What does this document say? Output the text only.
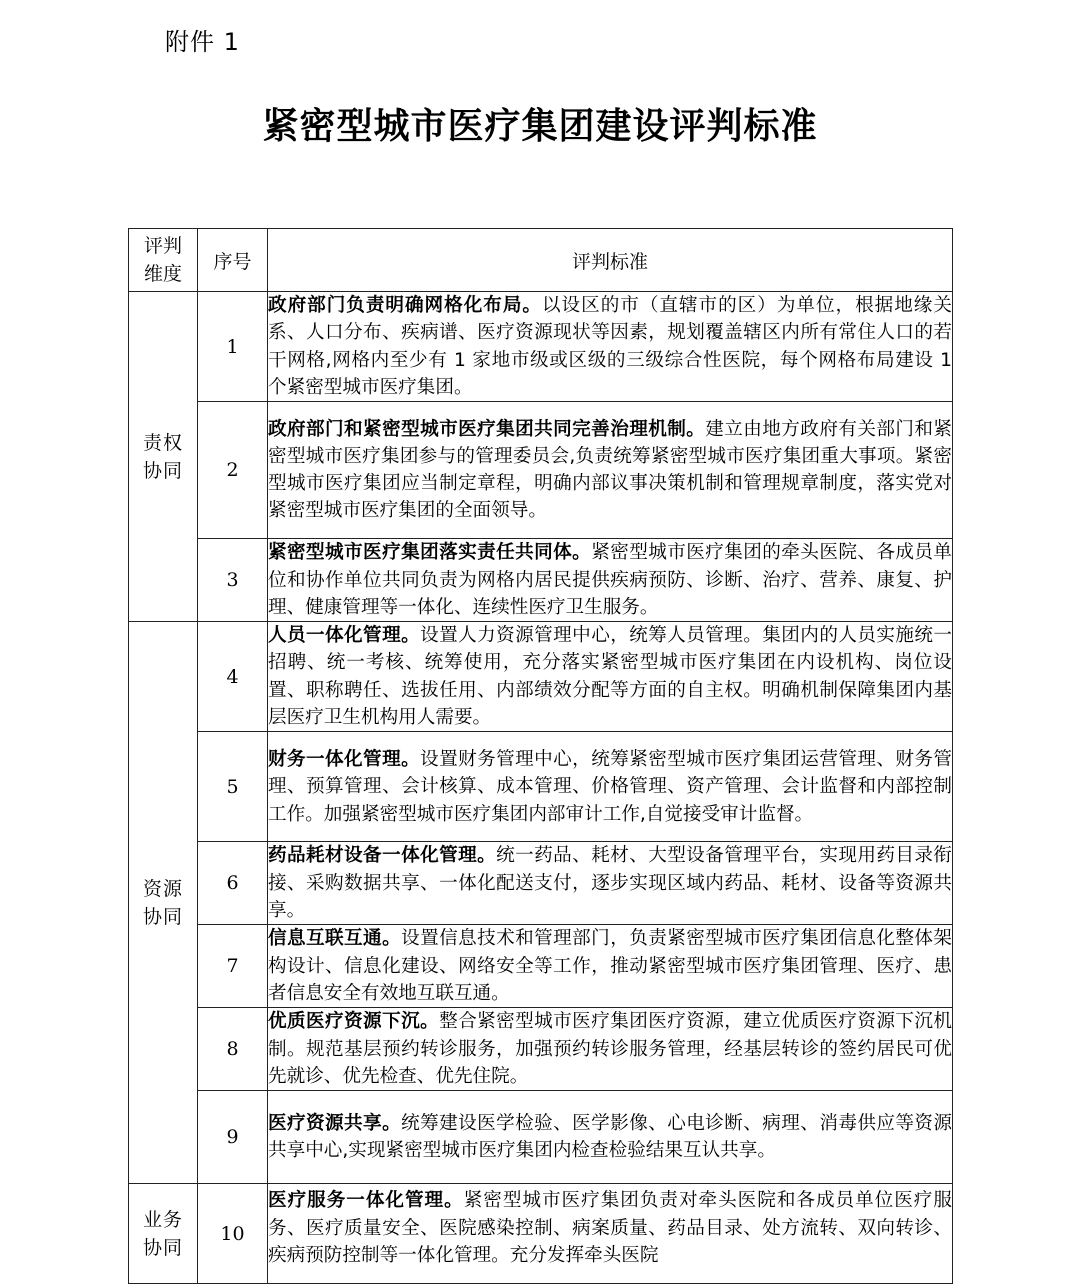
附件 1
紧密型城市医疗集团建设评判标准
评判
维度	序号	评判标准
责权
协同	1	政府部门负责明确网格化布局。以设区的市（直辖市的区）为单位，根据地缘关系、人口分布、疾病谱、医疗资源现状等因素，规划覆盖辖区内所有常住人口的若干网格,网格内至少有 1 家地市级或区级的三级综合性医院，每个网格布局建设 1 个紧密型城市医疗集团。
	2	政府部门和紧密型城市医疗集团共同完善治理机制。建立由地方政府有关部门和紧密型城市医疗集团参与的管理委员会,负责统筹紧密型城市医疗集团重大事项。紧密型城市医疗集团应当制定章程，明确内部议事决策机制和管理规章制度，落实党对紧密型城市医疗集团的全面领导。
	3	紧密型城市医疗集团落实责任共同体。紧密型城市医疗集团的牵头医院、各成员单位和协作单位共同负责为网格内居民提供疾病预防、诊断、治疗、营养、康复、护理、健康管理等一体化、连续性医疗卫生服务。
资源
协同	4	人员一体化管理。设置人力资源管理中心，统筹人员管理。集团内的人员实施统一招聘、统一考核、统筹使用，充分落实紧密型城市医疗集团在内设机构、岗位设置、职称聘任、选拔任用、内部绩效分配等方面的自主权。明确机制保障集团内基层医疗卫生机构用人需要。
	5	财务一体化管理。设置财务管理中心，统筹紧密型城市医疗集团运营管理、财务管理、预算管理、会计核算、成本管理、价格管理、资产管理、会计监督和内部控制工作。加强紧密型城市医疗集团内部审计工作,自觉接受审计监督。
	6	药品耗材设备一体化管理。统一药品、耗材、大型设备管理平台，实现用药目录衔接、采购数据共享、一体化配送支付，逐步实现区域内药品、耗材、设备等资源共享。
	7	信息互联互通。设置信息技术和管理部门，负责紧密型城市医疗集团信息化整体架构设计、信息化建设、网络安全等工作，推动紧密型城市医疗集团管理、医疗、患者信息安全有效地互联互通。
	8	优质医疗资源下沉。整合紧密型城市医疗集团医疗资源，建立优质医疗资源下沉机制。规范基层预约转诊服务，加强预约转诊服务管理，经基层转诊的签约居民可优先就诊、优先检查、优先住院。
	9	医疗资源共享。统筹建设医学检验、医学影像、心电诊断、病理、消毒供应等资源共享中心,实现紧密型城市医疗集团内检查检验结果互认共享。
业务
协同	10	医疗服务一体化管理。紧密型城市医疗集团负责对牵头医院和各成员单位医疗服务、医疗质量安全、医院感染控制、病案质量、药品目录、处方流转、双向转诊、疾病预防控制等一体化管理。充分发挥牵头医院
